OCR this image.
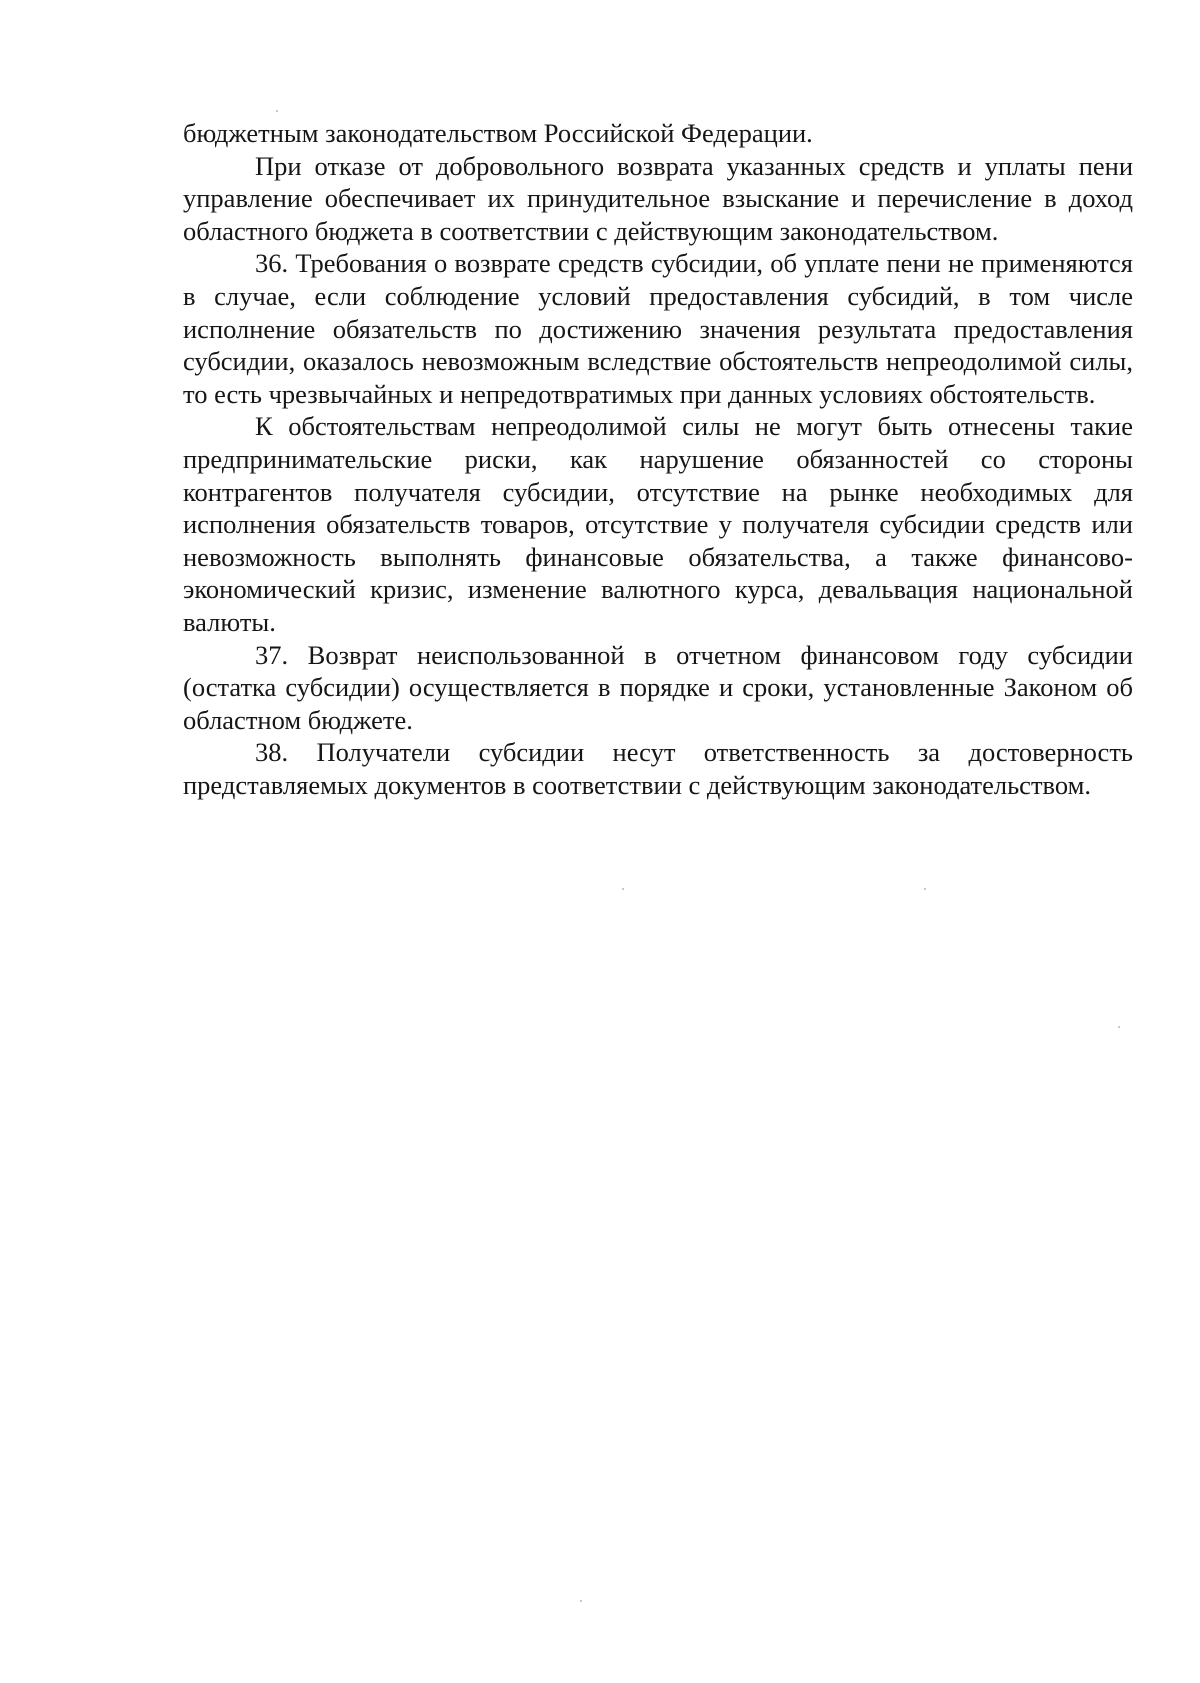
бюджетным законодательством Российской Федерации.

При отказе от добровольного возврата указанных средств и уплаты пени управление обеспечивает их принудительное взыскание и перечисление в доход областного бюджета в соответствии с действующим законодательством.

36. Требования о возврате средств субсидии, об уплате пени не применяются в случае, если соблюдение условий предоставления субсидий, в том числе исполнение обязательств по достижению значения результата предоставления субсидии, оказалось невозможным вследствие обстоятельств непреодолимой силы, то есть чрезвычайных и непредотвратимых при данных условиях обстоятельств.

К обстоятельствам непреодолимой силы не могут быть отнесены такие предпринимательские риски, как нарушение обязанностей со стороны контрагентов получателя субсидии, отсутствие на рынке необходимых для исполнения обязательств товаров, отсутствие у получателя субсидии средств или невозможность выполнять финансовые обязательства, а также финансово-экономический кризис, изменение валютного курса, девальвация национальной валюты.

37. Возврат неиспользованной в отчетном финансовом году субсидии (остатка субсидии) осуществляется в порядке и сроки, установленные Законом об областном бюджете.

38. Получатели субсидии несут ответственность за достоверность представляемых документов в соответствии с действующим законодательством.
